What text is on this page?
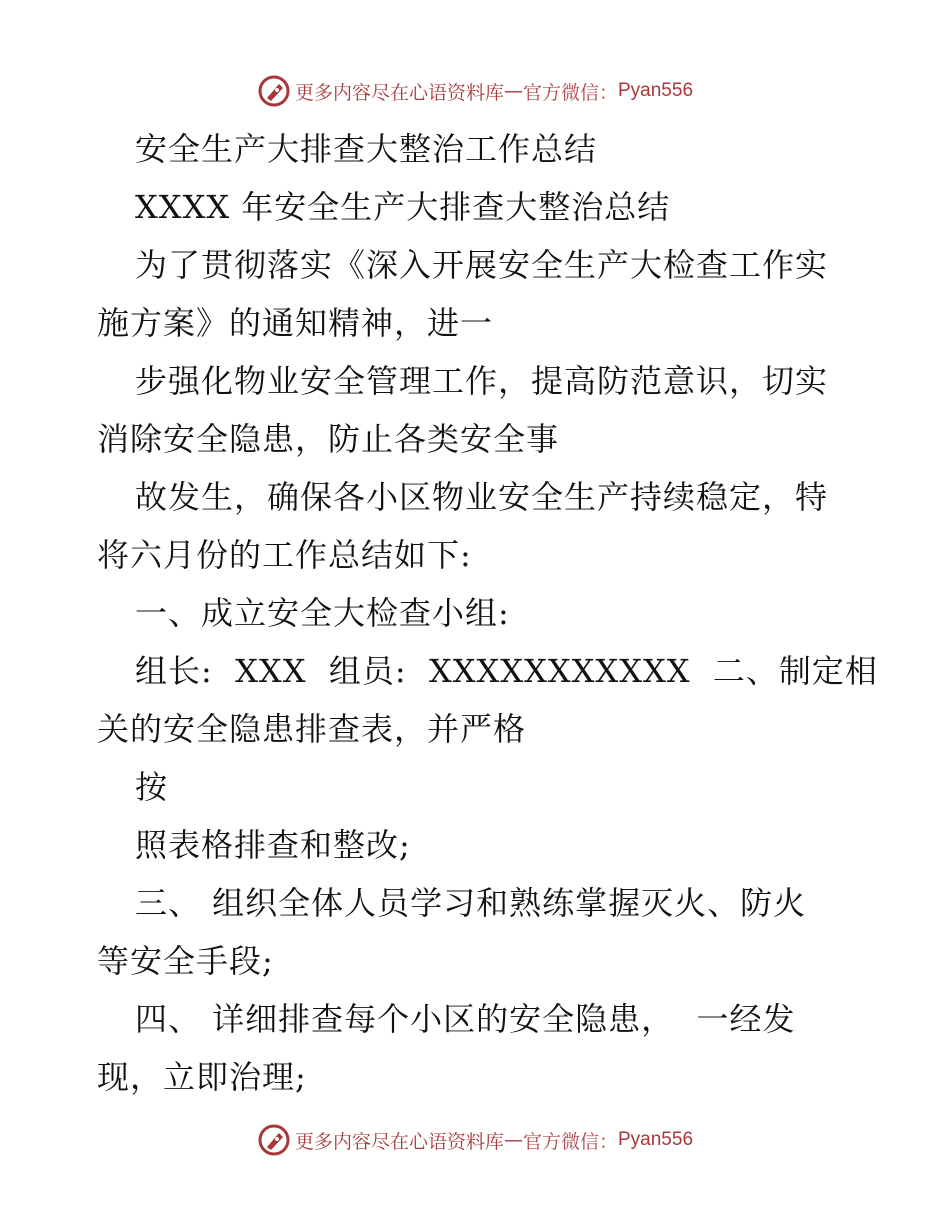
更多内容尽在心语资料库 — 官方微信： Pyan556
安全生产大排查大整治工作总结
XXXX 年安全生产大排查大整治总结
为了贯彻落实《深入开展安全生产大检查工作实
施方案》的通知精神，进一
步强化物业安全管理工作，提高防范意识，切实
消除安全隐患，防止各类安全事
故发生，确保各小区物业安全生产持续稳定，特
将六月份的工作总结如下:
一、成立安全大检查小组:
组长:  XXX  组员:  XXXXXXXXXXX  二、制定相
关的安全隐患排查表，并严格
按
照表格排查和整改;
三、 组织全体人员学习和熟练掌握灭火、防火
等安全手段;
四、 详细排查每个小区的安全隐患，  一经发
现，立即治理;
更多内容尽在心语资料库 — 官方微信： Pyan556
